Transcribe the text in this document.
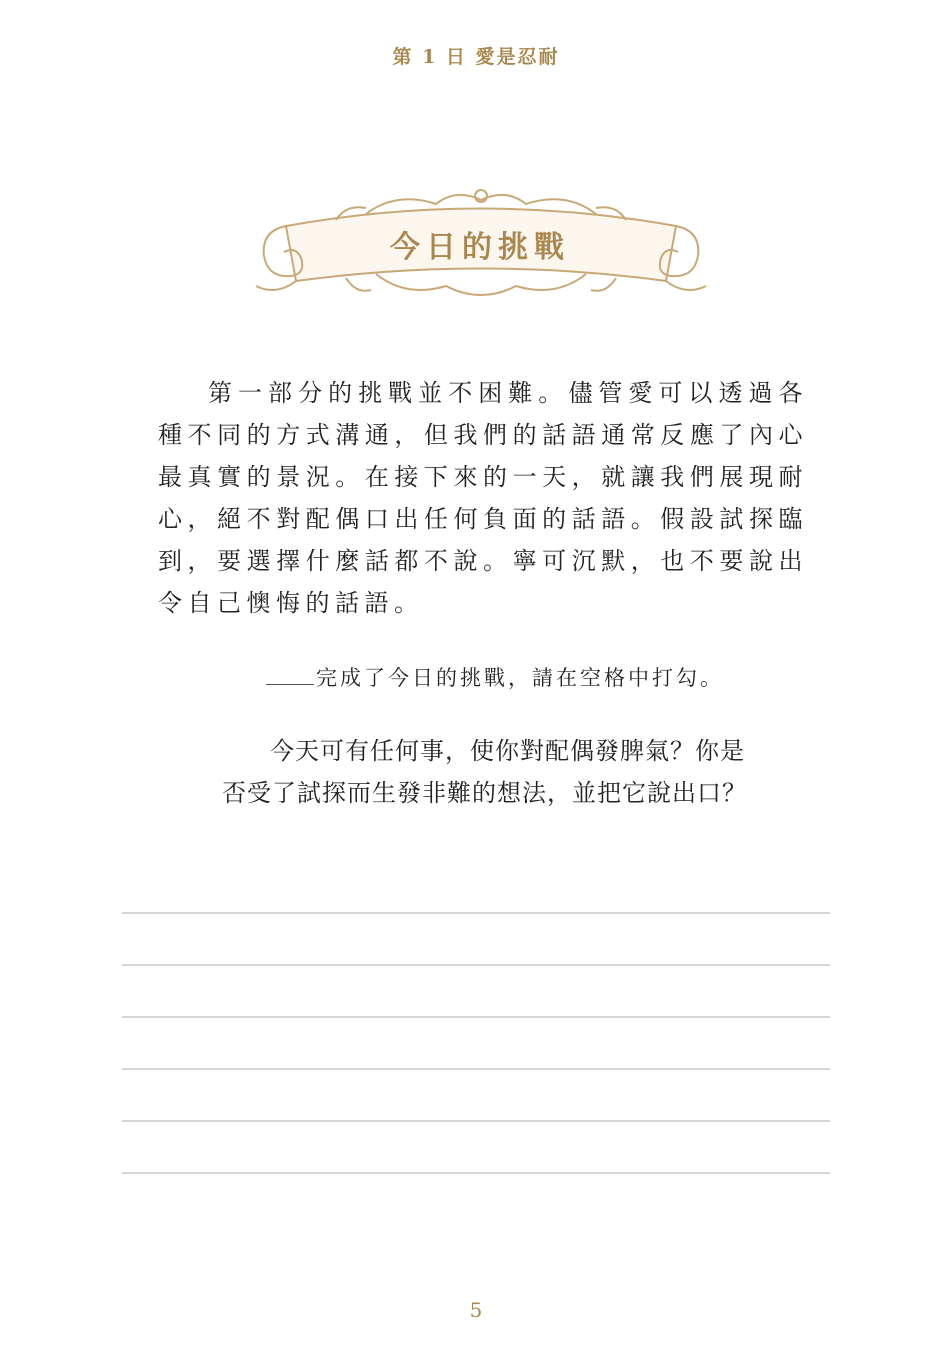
第 1 日 愛是忍耐
今日的挑戰
第一部分的挑戰並不困難。儘管愛可以透過各種不同的方式溝通，但我們的話語通常反應了內心最真實的景況。在接下來的一天，就讓我們展現耐心，絕不對配偶口出任何負面的話語。假設試探臨到，要選擇什麼話都不說。寧可沉默，也不要說出令自己懊悔的話語。
完成了今日的挑戰，請在空格中打勾。
今天可有任何事，使你對配偶發脾氣？你是否受了試探而生發非難的想法，並把它說出口？
5
